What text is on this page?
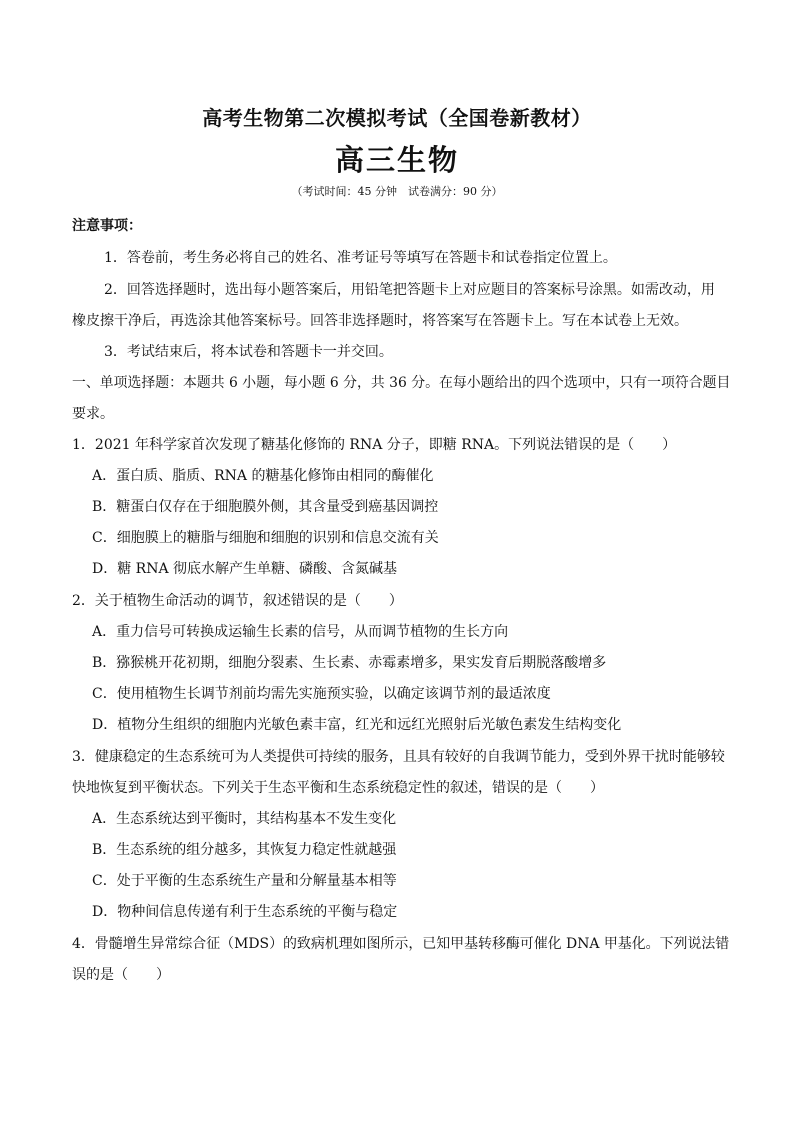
高考生物第二次模拟考试（全国卷新教材）
高三生物
（考试时间：45 分钟　试卷满分：90 分）
注意事项：
1．答卷前，考生务必将自己的姓名、准考证号等填写在答题卡和试卷指定位置上。
2．回答选择题时，选出每小题答案后，用铅笔把答题卡上对应题目的答案标号涂黑。如需改动，用
橡皮擦干净后，再选涂其他答案标号。回答非选择题时，将答案写在答题卡上。写在本试卷上无效。
3．考试结束后，将本试卷和答题卡一并交回。
一、单项选择题：本题共 6 小题，每小题 6 分，共 36 分。在每小题给出的四个选项中，只有一项符合题目
要求。
1．2021 年科学家首次发现了糖基化修饰的 RNA 分子，即糖 RNA。下列说法错误的是（　　）
A．蛋白质、脂质、RNA 的糖基化修饰由相同的酶催化
B．糖蛋白仅存在于细胞膜外侧，其含量受到癌基因调控
C．细胞膜上的糖脂与细胞和细胞的识别和信息交流有关
D．糖 RNA 彻底水解产生单糖、磷酸、含氮碱基
2．关于植物生命活动的调节，叙述错误的是（　　）
A．重力信号可转换成运输生长素的信号，从而调节植物的生长方向
B．猕猴桃开花初期，细胞分裂素、生长素、赤霉素增多，果实发育后期脱落酸增多
C．使用植物生长调节剂前均需先实施预实验，以确定该调节剂的最适浓度
D．植物分生组织的细胞内光敏色素丰富，红光和远红光照射后光敏色素发生结构变化
3．健康稳定的生态系统可为人类提供可持续的服务，且具有较好的自我调节能力，受到外界干扰时能够较
快地恢复到平衡状态。下列关于生态平衡和生态系统稳定性的叙述，错误的是（　　）
A．生态系统达到平衡时，其结构基本不发生变化
B．生态系统的组分越多，其恢复力稳定性就越强
C．处于平衡的生态系统生产量和分解量基本相等
D．物种间信息传递有利于生态系统的平衡与稳定
4．骨髓增生异常综合征（MDS）的致病机理如图所示，已知甲基转移酶可催化 DNA 甲基化。下列说法错
误的是（　　）
